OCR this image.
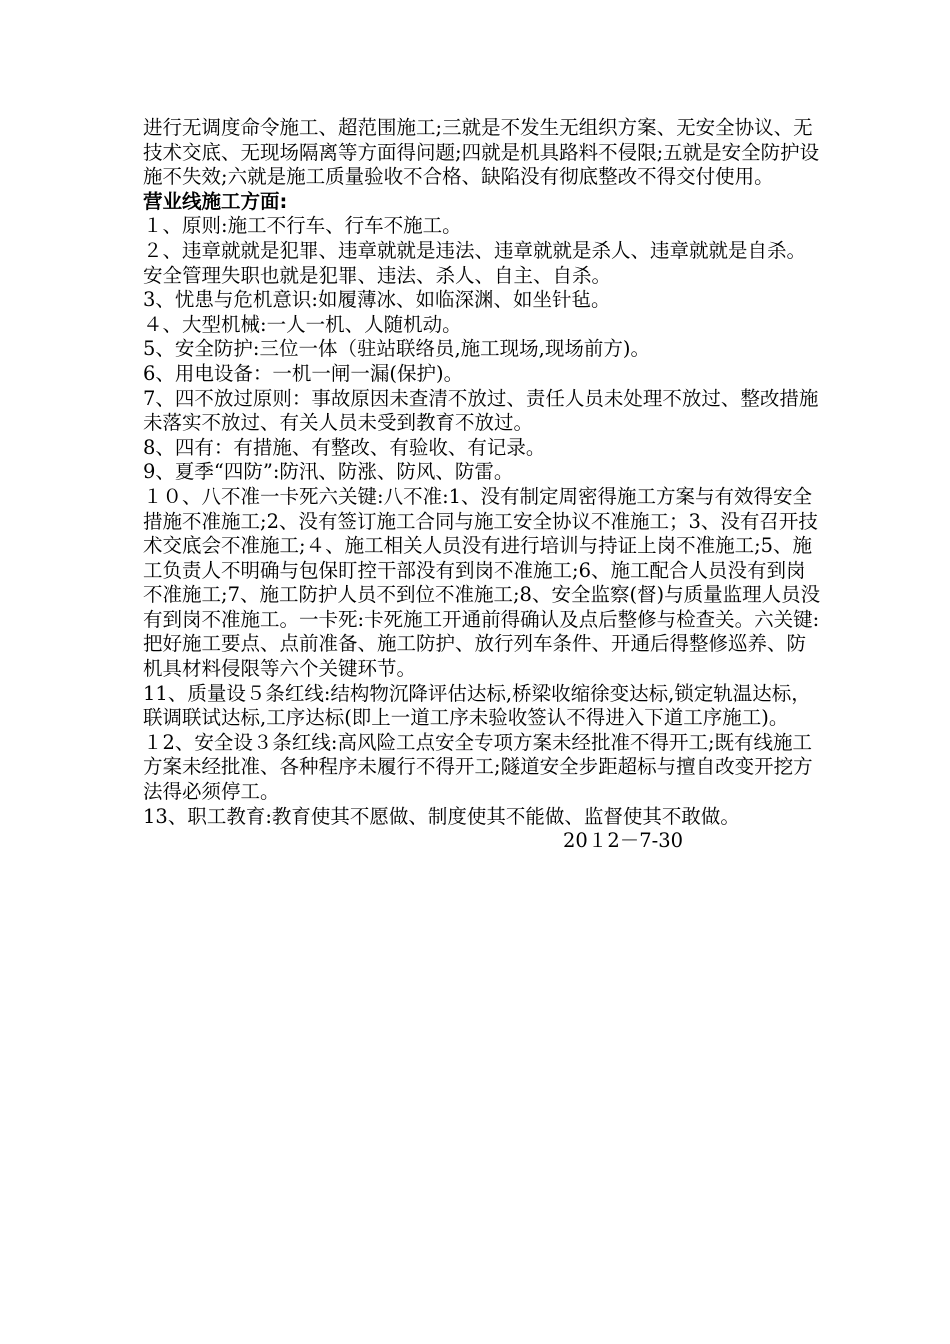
进行无调度命令施工、超范围施工;三就是不发生无组织方案、无安全协议、无技术交底、无现场隔离等方面得问题;四就是机具路料不侵限;五就是安全防护设施不失效;六就是施工质量验收不合格、缺陷没有彻底整改不得交付使用。

营业线施工方面:

１、原则:施工不行车、行车不施工。

２、违章就就是犯罪、违章就就是违法、违章就就是杀人、违章就就是自杀。安全管理失职也就是犯罪、违法、杀人、自主、自杀。

3、忧患与危机意识:如履薄冰、如临深渊、如坐针毡。

４、大型机械:一人一机、人随机动。

5、安全防护:三位一体（驻站联络员,施工现场,现场前方)。

6、用电设备：一机一闸一漏(保护)。

7、四不放过原则：事故原因未查清不放过、责任人员未处理不放过、整改措施未落实不放过、有关人员未受到教育不放过。

8、四有：有措施、有整改、有验收、有记录。

9、夏季“四防”:防汛、防涨、防风、防雷。

１０、八不准一卡死六关键:八不准:1、没有制定周密得施工方案与有效得安全措施不准施工;2、没有签订施工合同与施工安全协议不准施工；3、没有召开技术交底会不准施工;４、施工相关人员没有进行培训与持证上岗不准施工;5、施工负责人不明确与包保盯控干部没有到岗不准施工;6、施工配合人员没有到岗不准施工;7、施工防护人员不到位不准施工;8、安全监察(督)与质量监理人员没有到岗不准施工。一卡死:卡死施工开通前得确认及点后整修与检查关。六关键:把好施工要点、点前准备、施工防护、放行列车条件、开通后得整修巡养、防机具材料侵限等六个关键环节。

11、质量设５条红线:结构物沉降评估达标,桥梁收缩徐变达标,锁定轨温达标，联调联试达标,工序达标(即上一道工序未验收签认不得进入下道工序施工)。

１2、安全设３条红线:高风险工点安全专项方案未经批准不得开工;既有线施工方案未经批准、各种程序未履行不得开工;隧道安全步距超标与擅自改变开挖方法得必须停工。

13、职工教育:教育使其不愿做、制度使其不能做、监督使其不敢做。

20１2－7-30
